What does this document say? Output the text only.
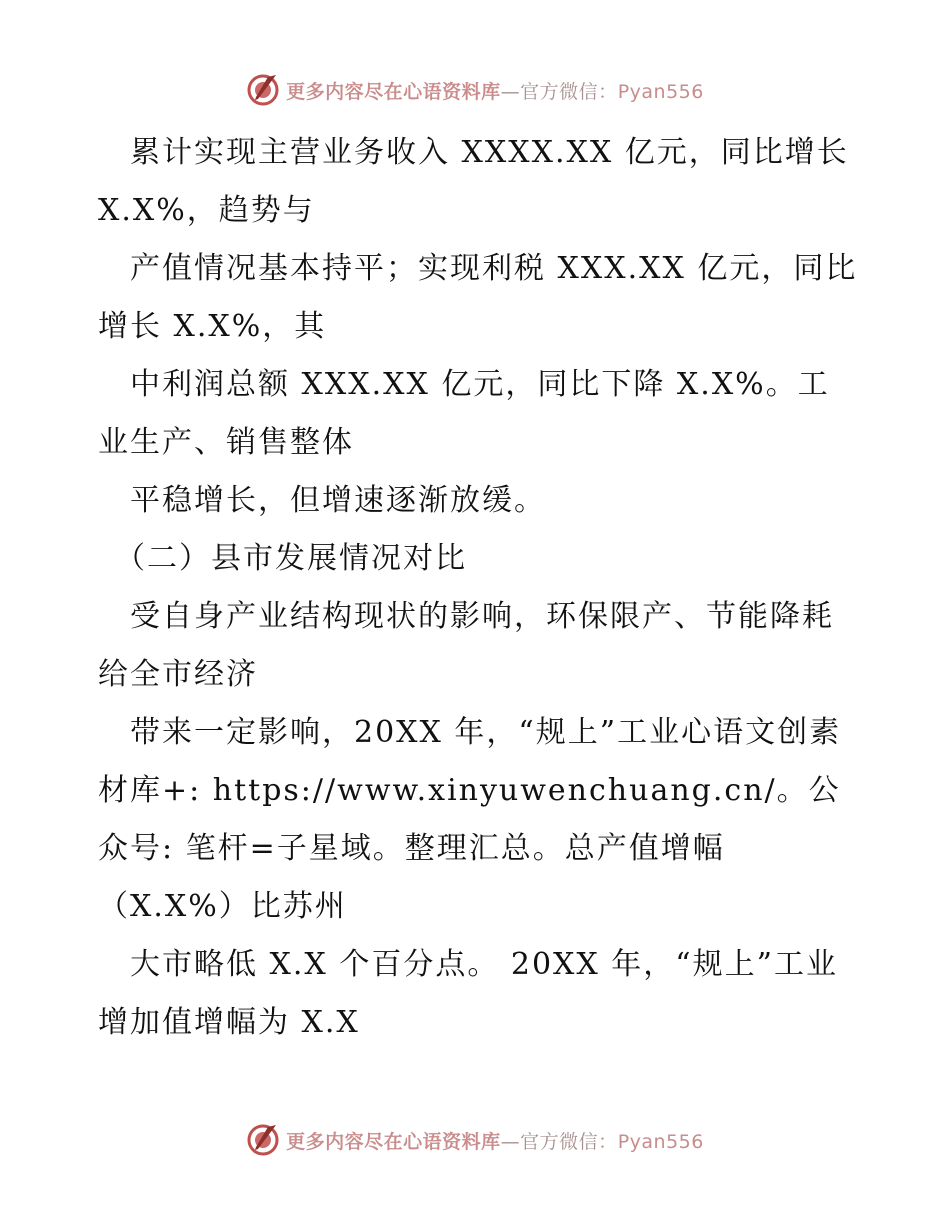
更多内容尽在心语资料库—官方微信：Pyan556

　累计实现主营业务收入 XXXX.XX 亿元，同比增长 X.X%，趋势与

　产值情况基本持平；实现利税 XXX.XX 亿元，同比增长 X.X%，其

　中利润总额 XXX.XX 亿元，同比下降 X.X%。工业生产、销售整体

　平稳增长，但增速逐渐放缓。

　（二）县市发展情况对比

　受自身产业结构现状的影响，环保限产、节能降耗给全市经济

　带来一定影响，20XX 年，“规上”工业心语文创素材库+: https://www.xinyuwenchuang.cn/。公众号: 笔杆=子星域。整理汇总。总产值增幅（X.X%）比苏州

　大市略低 X.X 个百分点。 20XX 年，“规上”工业增加值增幅为 X.X

更多内容尽在心语资料库—官方微信：Pyan556
